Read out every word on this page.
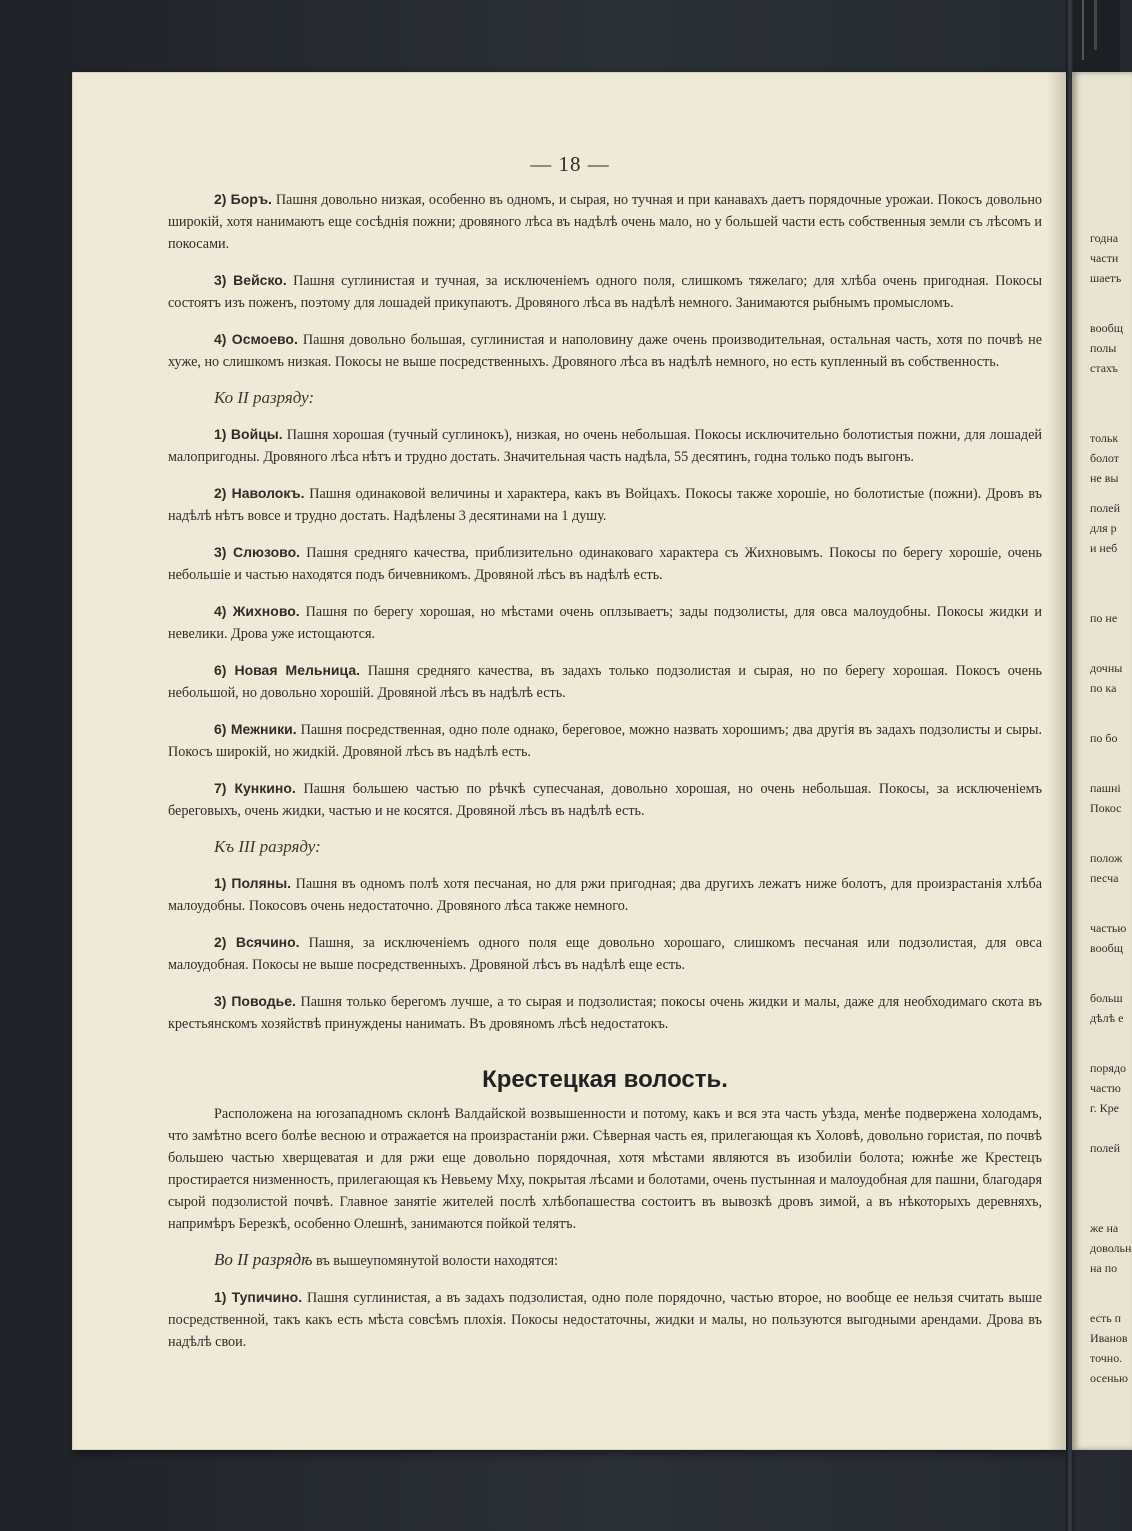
— 18 —

2) Боръ. Пашня довольно низкая, особенно въ одномъ, и сырая, но тучная и при канавахъ даетъ порядочные урожаи. Покосъ довольно широкій, хотя нанимаютъ еще сосѣднія пожни; дровяного лѣса въ надѣлѣ очень мало, но у большей части есть собственныя земли съ лѣсомъ и покосами.

3) Вейско. Пашня суглинистая и тучная, за исключеніемъ одного поля, слишкомъ тяжелаго; для хлѣба очень пригодная. Покосы состоятъ изъ поженъ, поэтому для лошадей прикупаютъ. Дровяного лѣса въ надѣлѣ немного. Занимаются рыбнымъ промысломъ.

4) Осмоево. Пашня довольно большая, суглинистая и наполовину даже очень производительная, остальная часть, хотя по почвѣ не хуже, но слишкомъ низкая. Покосы не выше посредственныхъ. Дровяного лѣса въ надѣлѣ немного, но есть купленный въ собственность.

Ко II разряду:

1) Войцы. Пашня хорошая (тучный суглинокъ), низкая, но очень небольшая. Покосы исключительно болотистыя пожни, для лошадей малопригодны. Дровяного лѣса нѣтъ и трудно достать. Значительная часть надѣла, 55 десятинъ, годна только подъ выгонъ.

2) Наволокъ. Пашня одинаковой величины и характера, какъ въ Войцахъ. Покосы также хорошіе, но болотистые (пожни). Дровъ въ надѣлѣ нѣтъ вовсе и трудно достать. Надѣлены 3 десятинами на 1 душу.

3) Слюзово. Пашня средняго качества, приблизительно одинаковаго характера съ Жихновымъ. Покосы по берегу хорошіе, очень небольшіе и частью находятся подъ бичевникомъ. Дровяной лѣсъ въ надѣлѣ есть.

4) Жихново. Пашня по берегу хорошая, но мѣстами очень оплзываетъ; зады подзолисты, для овса малоудобны. Покосы жидки и невелики. Дрова уже истощаются.

6) Новая Мельница. Пашня средняго качества, въ задахъ только подзолистая и сырая, но по берегу хорошая. Покосъ очень небольшой, но довольно хорошій. Дровяной лѣсъ въ надѣлѣ есть.

6) Межники. Пашня посредственная, одно поле однако, береговое, можно назвать хорошимъ; два другія въ задахъ подзолисты и сыры. Покосъ широкій, но жидкій. Дровяной лѣсъ въ надѣлѣ есть.

7) Кункино. Пашня большею частью по рѣчкѣ супесчаная, довольно хорошая, но очень небольшая. Покосы, за исключеніемъ береговыхъ, очень жидки, частью и не косятся. Дровяной лѣсъ въ надѣлѣ есть.

Къ III разряду:

1) Поляны. Пашня въ одномъ полѣ хотя песчаная, но для ржи пригодная; два другихъ лежатъ ниже болотъ, для произрастанія хлѣба малоудобны. Покосовъ очень недостаточно. Дровяного лѣса также немного.

2) Всячино. Пашня, за исключеніемъ одного поля еще довольно хорошаго, слишкомъ песчаная или подзолистая, для овса малоудобная. Покосы не выше посредственныхъ. Дровяной лѣсъ въ надѣлѣ еще есть.

3) Поводье. Пашня только берегомъ лучше, а то сырая и подзолистая; покосы очень жидки и малы, даже для необходимаго скота въ крестьянскомъ хозяйствѣ принуждены нанимать. Въ дровяномъ лѣсѣ недостатокъ.

Крестецкая волость.

Расположена на югозападномъ склонѣ Валдайской возвышенности и потому, какъ и вся эта часть уѣзда, менѣе подвержена холодамъ, что замѣтно всего болѣе весною и отражается на произрастаніи ржи. Сѣверная часть ея, прилегающая къ Холовѣ, довольно гористая, по почвѣ большею частью хверщеватая и для ржи еще довольно порядочная, хотя мѣстами являются въ изобиліи болота; южнѣе же Крестецъ простирается низменность, прилегающая къ Невьему Мху, покрытая лѣсами и болотами, очень пустынная и малоудобная для пашни, благодаря сырой подзолистой почвѣ. Главное занятіе жителей послѣ хлѣбопашества состоитъ въ вывозкѣ дровъ зимой, а въ нѣкоторыхъ деревняхъ, напримѣръ Березкѣ, особенно Олешнѣ, занимаются пойкой телятъ.

Во II разрядѣ въ вышеупомянутой волости находятся:

1) Тупичино. Пашня суглинистая, а въ задахъ подзолистая, одно поле порядочно, частью второе, но вообще ее нельзя считать выше посредственной, такъ какъ есть мѣста совсѣмъ плохія. Покосы недостаточны, жидки и малы, но пользуются выгодными арендами. Дрова въ надѣлѣ свои.

годна
части
шаетъ
вообщ
полы
стахъ
тольк
болот
не вы
полей
для р
и неб
по не
дочны
по ка
по бо
пашні
Покос
полож
песча
частью
вообщ
больш
дѣлѣ е
порядо
частю
г. Кре
полей
же на
довольн
на по
есть п
Иванов
точно.
осенью
